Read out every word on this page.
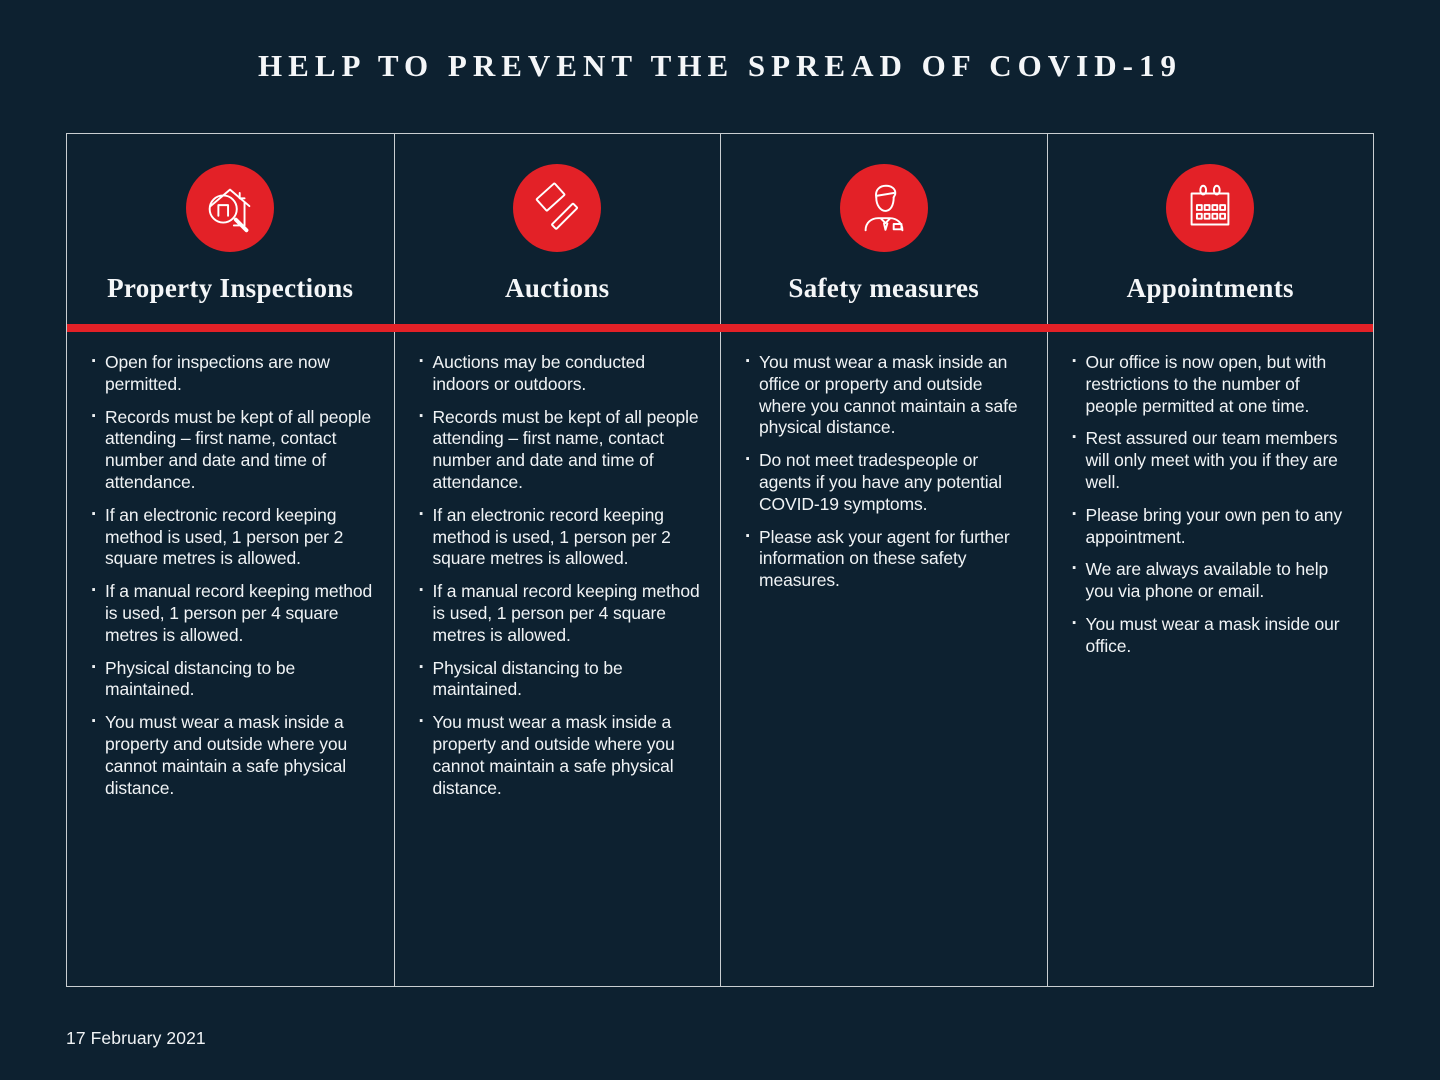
HELP TO PREVENT THE SPREAD OF COVID-19
Property Inspections
· Open for inspections are now permitted.
· Records must be kept of all people attending – first name, contact number and date and time of attendance.
· If an electronic record keeping method is used, 1 person per 2 square metres is allowed.
· If a manual record keeping method is used, 1 person per 4 square metres is allowed.
· Physical distancing to be maintained.
· You must wear a mask inside a property and outside where you cannot maintain a safe physical distance.
Auctions
· Auctions may be conducted indoors or outdoors.
· Records must be kept of all people attending – first name, contact number and date and time of attendance.
· If an electronic record keeping method is used, 1 person per 2 square metres is allowed.
· If a manual record keeping method is used, 1 person per 4 square metres is allowed.
· Physical distancing to be maintained.
· You must wear a mask inside a property and outside where you cannot maintain a safe physical distance.
Safety measures
· You must wear a mask inside an office or property and outside where you cannot maintain a safe physical distance.
· Do not meet tradespeople or agents if you have any potential COVID-19 symptoms.
· Please ask your agent for further information on these safety measures.
Appointments
· Our office is now open, but with restrictions to the number of people permitted at one time.
· Rest assured our team members will only meet with you if they are well.
· Please bring your own pen to any appointment.
· We are always available to help you via phone or email.
· You must wear a mask inside our office.
17 February 2021
